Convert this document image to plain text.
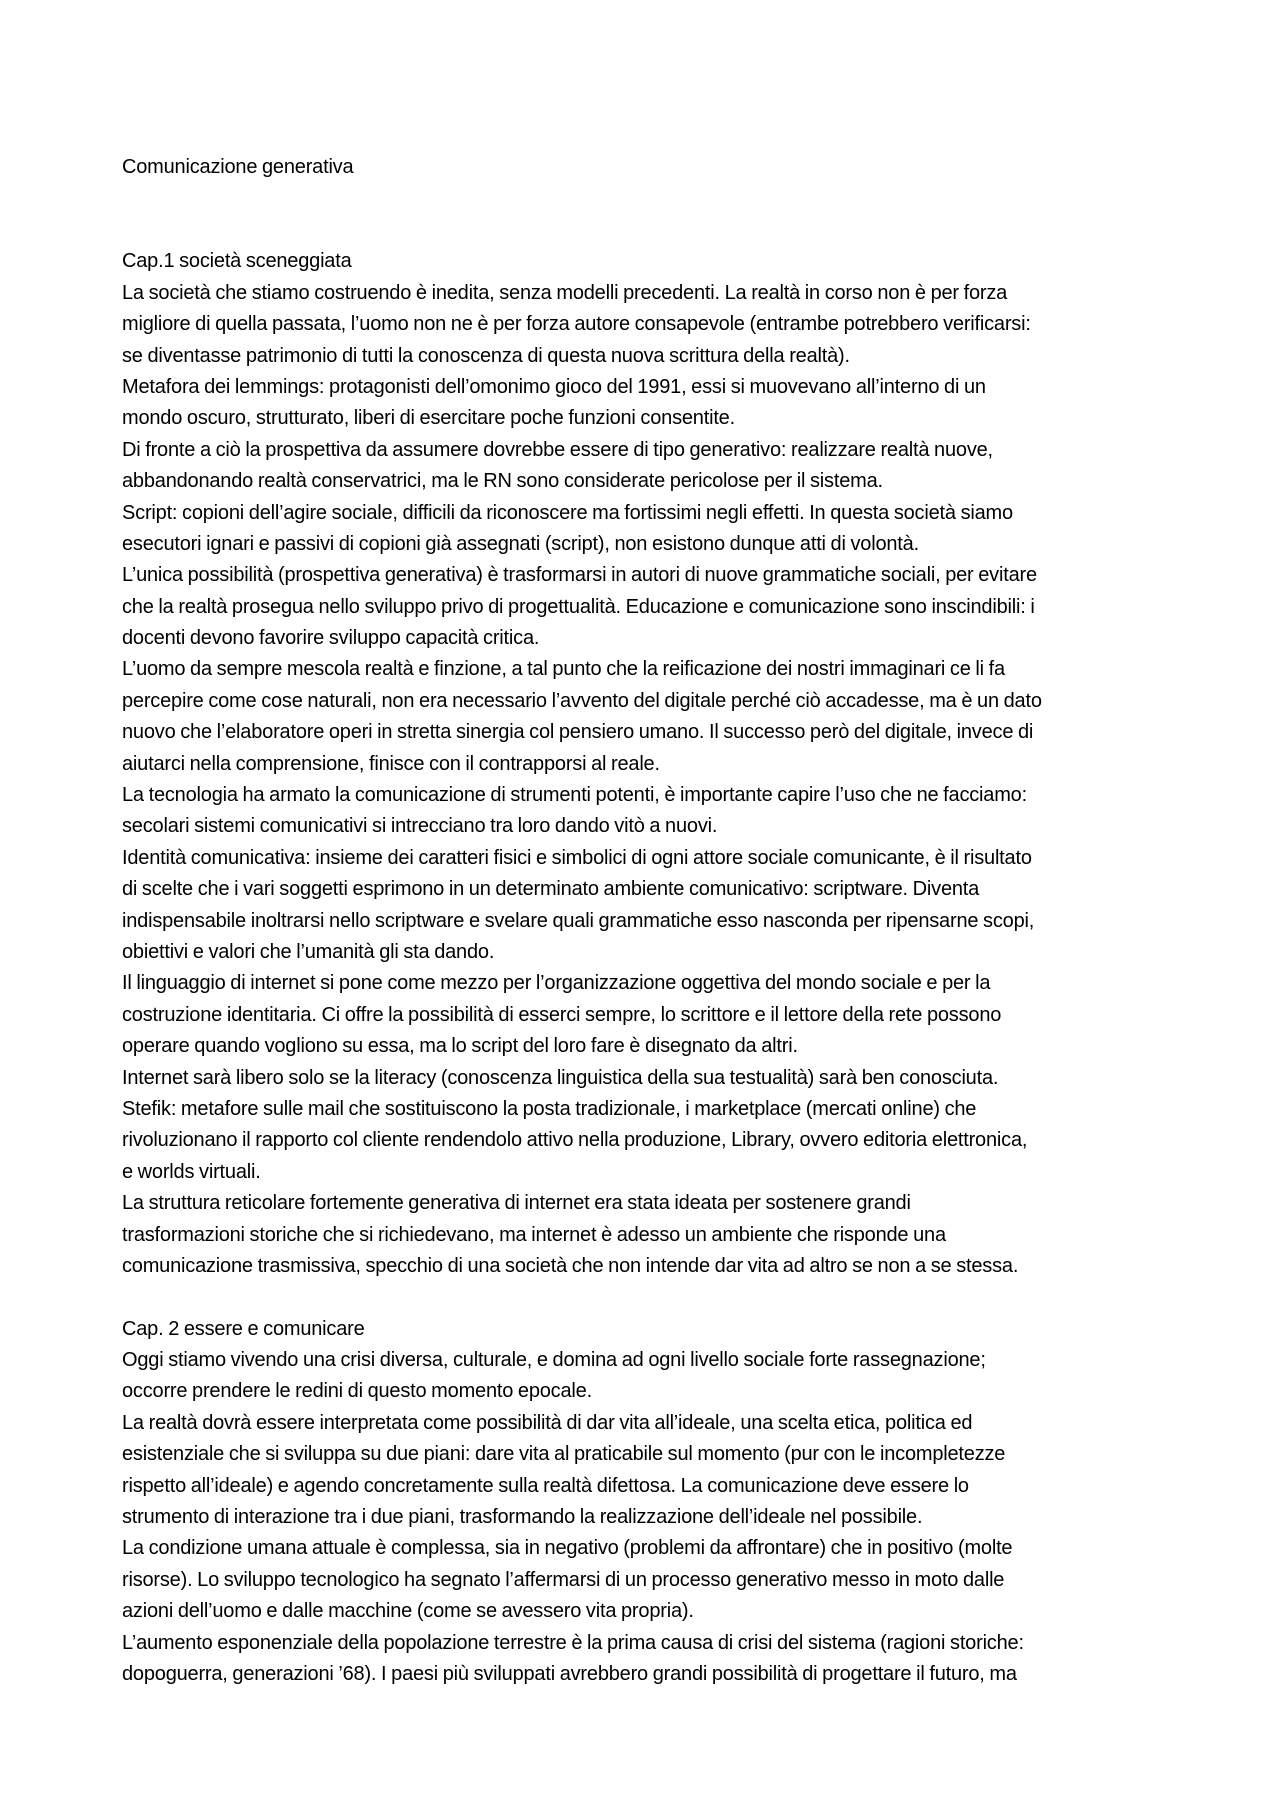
Comunicazione generativa
Cap.1 società sceneggiata
La società che stiamo costruendo è inedita, senza modelli precedenti. La realtà in corso non è per forza
migliore di quella passata, l’uomo non ne è per forza autore consapevole (entrambe potrebbero verificarsi:
se diventasse patrimonio di tutti la conoscenza di questa nuova scrittura della realtà).
Metafora dei lemmings: protagonisti dell’omonimo gioco del 1991, essi si muovevano all’interno di un
mondo oscuro, strutturato, liberi di esercitare poche funzioni consentite.
Di fronte a ciò la prospettiva da assumere dovrebbe essere di tipo generativo: realizzare realtà nuove,
abbandonando realtà conservatrici, ma le RN sono considerate pericolose per il sistema.
Script: copioni dell’agire sociale, difficili da riconoscere ma fortissimi negli effetti. In questa società siamo
esecutori ignari e passivi di copioni già assegnati (script), non esistono dunque atti di volontà.
L’unica possibilità (prospettiva generativa) è trasformarsi in autori di nuove grammatiche sociali, per evitare
che la realtà prosegua nello sviluppo privo di progettualità. Educazione e comunicazione sono inscindibili: i
docenti devono favorire sviluppo capacità critica.
L’uomo da sempre mescola realtà e finzione, a tal punto che la reificazione dei nostri immaginari ce li fa
percepire come cose naturali, non era necessario l’avvento del digitale perché ciò accadesse, ma è un dato
nuovo che l’elaboratore operi in stretta sinergia col pensiero umano. Il successo però del digitale, invece di
aiutarci nella comprensione, finisce con il contrapporsi al reale.
La tecnologia ha armato la comunicazione di strumenti potenti, è importante capire l’uso che ne facciamo:
secolari sistemi comunicativi si intrecciano tra loro dando vitò a nuovi.
Identità comunicativa: insieme dei caratteri fisici e simbolici di ogni attore sociale comunicante, è il risultato
di scelte che i vari soggetti esprimono in un determinato ambiente comunicativo: scriptware. Diventa
indispensabile inoltrarsi nello scriptware e svelare quali grammatiche esso nasconda per ripensarne scopi,
obiettivi e valori che l’umanità gli sta dando.
Il linguaggio di internet si pone come mezzo per l’organizzazione oggettiva del mondo sociale e per la
costruzione identitaria. Ci offre la possibilità di esserci sempre, lo scrittore e il lettore della rete possono
operare quando vogliono su essa, ma lo script del loro fare è disegnato da altri.
Internet sarà libero solo se la literacy (conoscenza linguistica della sua testualità) sarà ben conosciuta.
Stefik: metafore sulle mail che sostituiscono la posta tradizionale, i marketplace (mercati online) che
rivoluzionano il rapporto col cliente rendendolo attivo nella produzione, Library, ovvero editoria elettronica,
e worlds virtuali.
La struttura reticolare fortemente generativa di internet era stata ideata per sostenere grandi
trasformazioni storiche che si richiedevano, ma internet è adesso un ambiente che risponde una
comunicazione trasmissiva, specchio di una società che non intende dar vita ad altro se non a se stessa.
Cap. 2 essere e comunicare
Oggi stiamo vivendo una crisi diversa, culturale, e domina ad ogni livello sociale forte rassegnazione;
occorre prendere le redini di questo momento epocale.
La realtà dovrà essere interpretata come possibilità di dar vita all’ideale, una scelta etica, politica ed
esistenziale che si sviluppa su due piani: dare vita al praticabile sul momento (pur con le incompletezze
rispetto all’ideale) e agendo concretamente sulla realtà difettosa. La comunicazione deve essere lo
strumento di interazione tra i due piani, trasformando la realizzazione dell’ideale nel possibile.
La condizione umana attuale è complessa, sia in negativo (problemi da affrontare) che in positivo (molte
risorse). Lo sviluppo tecnologico ha segnato l’affermarsi di un processo generativo messo in moto dalle
azioni dell’uomo e dalle macchine (come se avessero vita propria).
L’aumento esponenziale della popolazione terrestre è la prima causa di crisi del sistema (ragioni storiche:
dopoguerra, generazioni ’68). I paesi più sviluppati avrebbero grandi possibilità di progettare il futuro, ma
